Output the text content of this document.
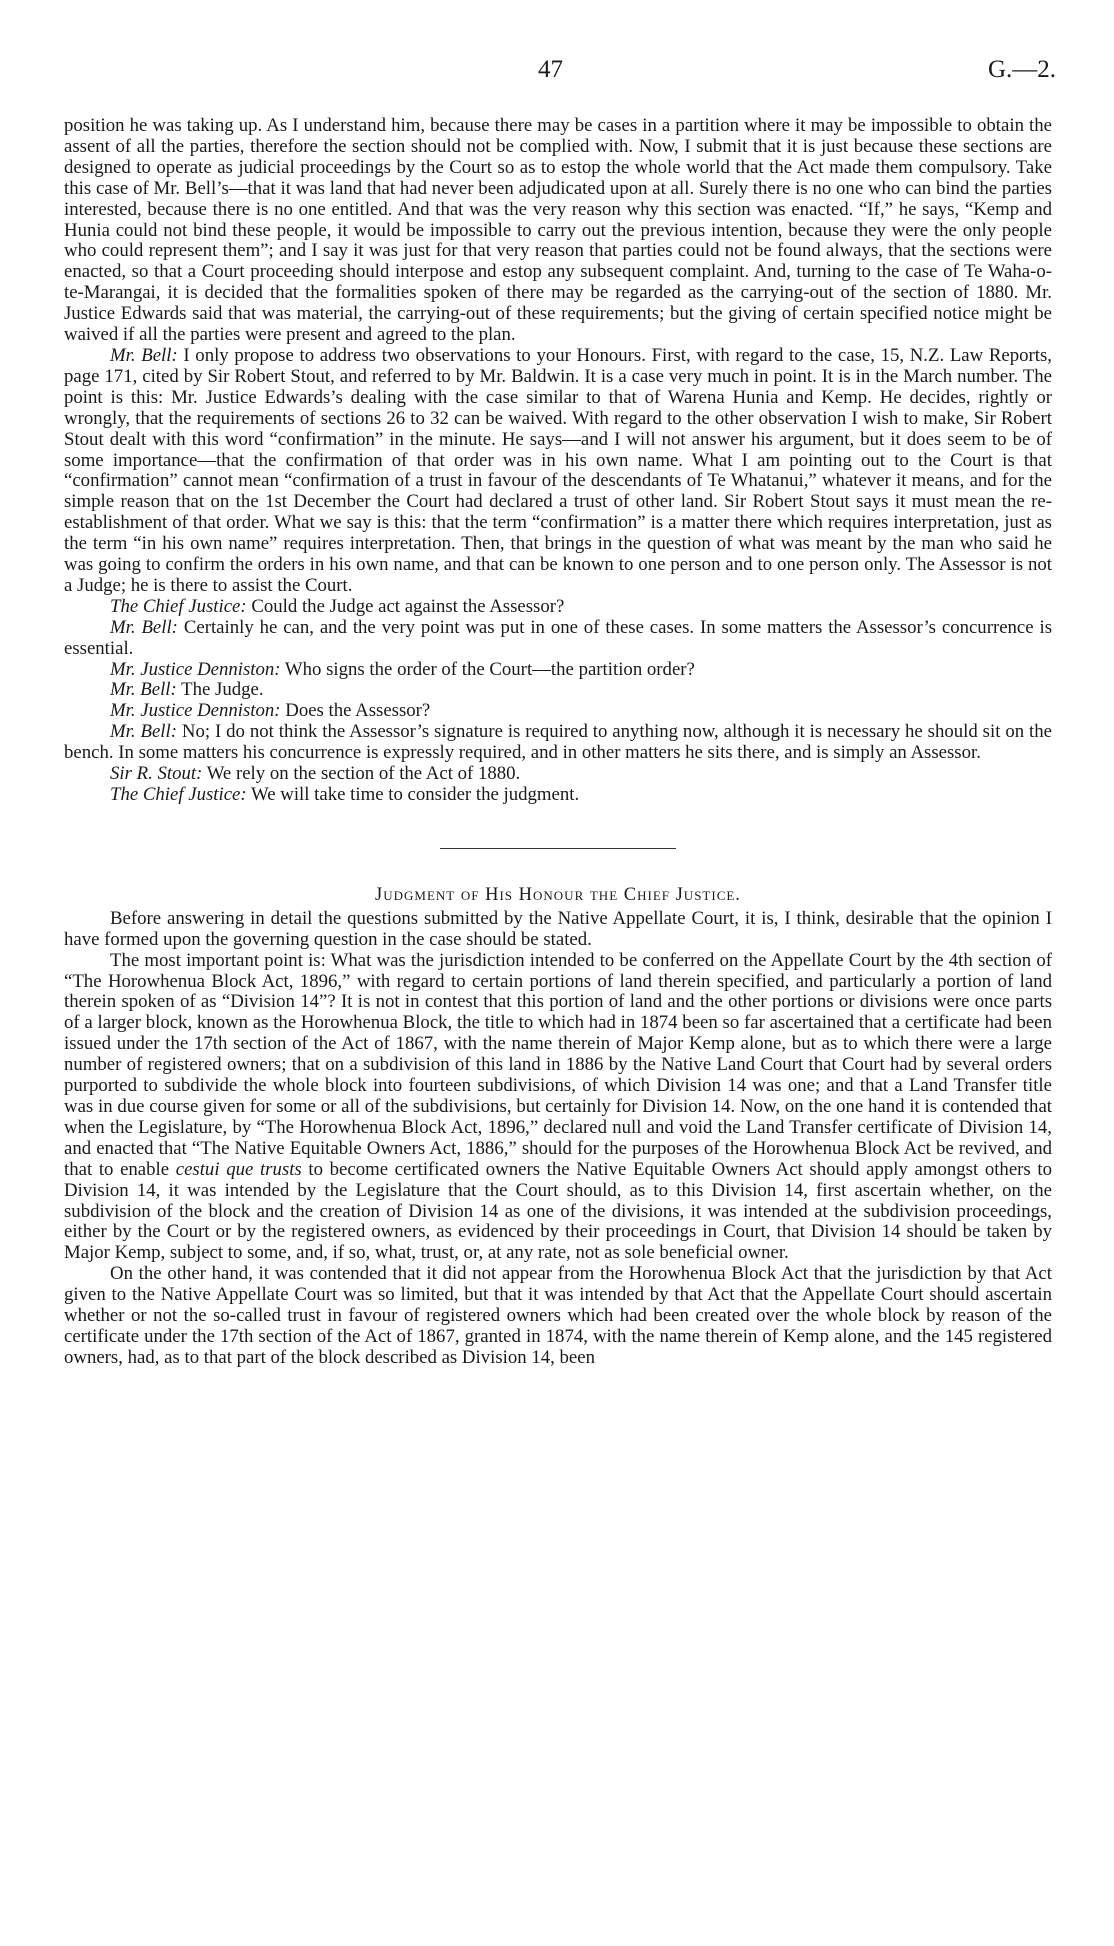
47	G.—2.

position he was taking up. As I understand him, because there may be cases in a partition where it may be impossible to obtain the assent of all the parties, therefore the section should not be complied with. Now, I submit that it is just because these sections are designed to operate as judicial proceedings by the Court so as to estop the whole world that the Act made them compulsory. Take this case of Mr. Bell’s—that it was land that had never been adjudicated upon at all. Surely there is no one who can bind the parties interested, because there is no one entitled. And that was the very reason why this section was enacted. “If,” he says, “Kemp and Hunia could not bind these people, it would be impossible to carry out the previous intention, because they were the only people who could represent them”; and I say it was just for that very reason that parties could not be found always, that the sections were enacted, so that a Court proceeding should interpose and estop any subsequent complaint. And, turning to the case of Te Waha-o-te-Marangai, it is decided that the formalities spoken of there may be regarded as the carrying-out of the section of 1880. Mr. Justice Edwards said that was material, the carrying-out of these requirements; but the giving of certain specified notice might be waived if all the parties were present and agreed to the plan.

Mr. Bell: I only propose to address two observations to your Honours. First, with regard to the case, 15, N.Z. Law Reports, page 171, cited by Sir Robert Stout, and referred to by Mr. Baldwin. It is a case very much in point. It is in the March number. The point is this: Mr. Justice Edwards’s dealing with the case similar to that of Warena Hunia and Kemp. He decides, rightly or wrongly, that the requirements of sections 26 to 32 can be waived. With regard to the other observation I wish to make, Sir Robert Stout dealt with this word “confirmation” in the minute. He says—and I will not answer his argument, but it does seem to be of some importance—that the confirmation of that order was in his own name. What I am pointing out to the Court is that “confirmation” cannot mean “confirmation of a trust in favour of the descendants of Te Whatanui,” whatever it means, and for the simple reason that on the 1st December the Court had declared a trust of other land. Sir Robert Stout says it must mean the re-establishment of that order. What we say is this: that the term “confirmation” is a matter there which requires interpretation, just as the term “in his own name” requires interpretation. Then, that brings in the question of what was meant by the man who said he was going to confirm the orders in his own name, and that can be known to one person and to one person only. The Assessor is not a Judge; he is there to assist the Court.

The Chief Justice: Could the Judge act against the Assessor?

Mr. Bell: Certainly he can, and the very point was put in one of these cases. In some matters the Assessor’s concurrence is essential.

Mr. Justice Denniston: Who signs the order of the Court—the partition order?

Mr. Bell: The Judge.

Mr. Justice Denniston: Does the Assessor?

Mr. Bell: No; I do not think the Assessor’s signature is required to anything now, although it is necessary he should sit on the bench. In some matters his concurrence is expressly required, and in other matters he sits there, and is simply an Assessor.

Sir R. Stout: We rely on the section of the Act of 1880.

The Chief Justice: We will take time to consider the judgment.

Judgment of His Honour the Chief Justice.

Before answering in detail the questions submitted by the Native Appellate Court, it is, I think, desirable that the opinion I have formed upon the governing question in the case should be stated.

The most important point is: What was the jurisdiction intended to be conferred on the Appellate Court by the 4th section of “The Horowhenua Block Act, 1896,” with regard to certain portions of land therein specified, and particularly a portion of land therein spoken of as “Division 14”? It is not in contest that this portion of land and the other portions or divisions were once parts of a larger block, known as the Horowhenua Block, the title to which had in 1874 been so far ascertained that a certificate had been issued under the 17th section of the Act of 1867, with the name therein of Major Kemp alone, but as to which there were a large number of registered owners; that on a subdivision of this land in 1886 by the Native Land Court that Court had by several orders purported to subdivide the whole block into fourteen subdivisions, of which Division 14 was one; and that a Land Transfer title was in due course given for some or all of the subdivisions, but certainly for Division 14. Now, on the one hand it is contended that when the Legislature, by “The Horowhenua Block Act, 1896,” declared null and void the Land Transfer certificate of Division 14, and enacted that “The Native Equitable Owners Act, 1886,” should for the purposes of the Horowhenua Block Act be revived, and that to enable cestui que trusts to become certificated owners the Native Equitable Owners Act should apply amongst others to Division 14, it was intended by the Legislature that the Court should, as to this Division 14, first ascertain whether, on the subdivision of the block and the creation of Division 14 as one of the divisions, it was intended at the subdivision proceedings, either by the Court or by the registered owners, as evidenced by their proceedings in Court, that Division 14 should be taken by Major Kemp, subject to some, and, if so, what, trust, or, at any rate, not as sole beneficial owner.

On the other hand, it was contended that it did not appear from the Horowhenua Block Act that the jurisdiction by that Act given to the Native Appellate Court was so limited, but that it was intended by that Act that the Appellate Court should ascertain whether or not the so-called trust in favour of registered owners which had been created over the whole block by reason of the certificate under the 17th section of the Act of 1867, granted in 1874, with the name therein of Kemp alone, and the 145 registered owners, had, as to that part of the block described as Division 14, been
